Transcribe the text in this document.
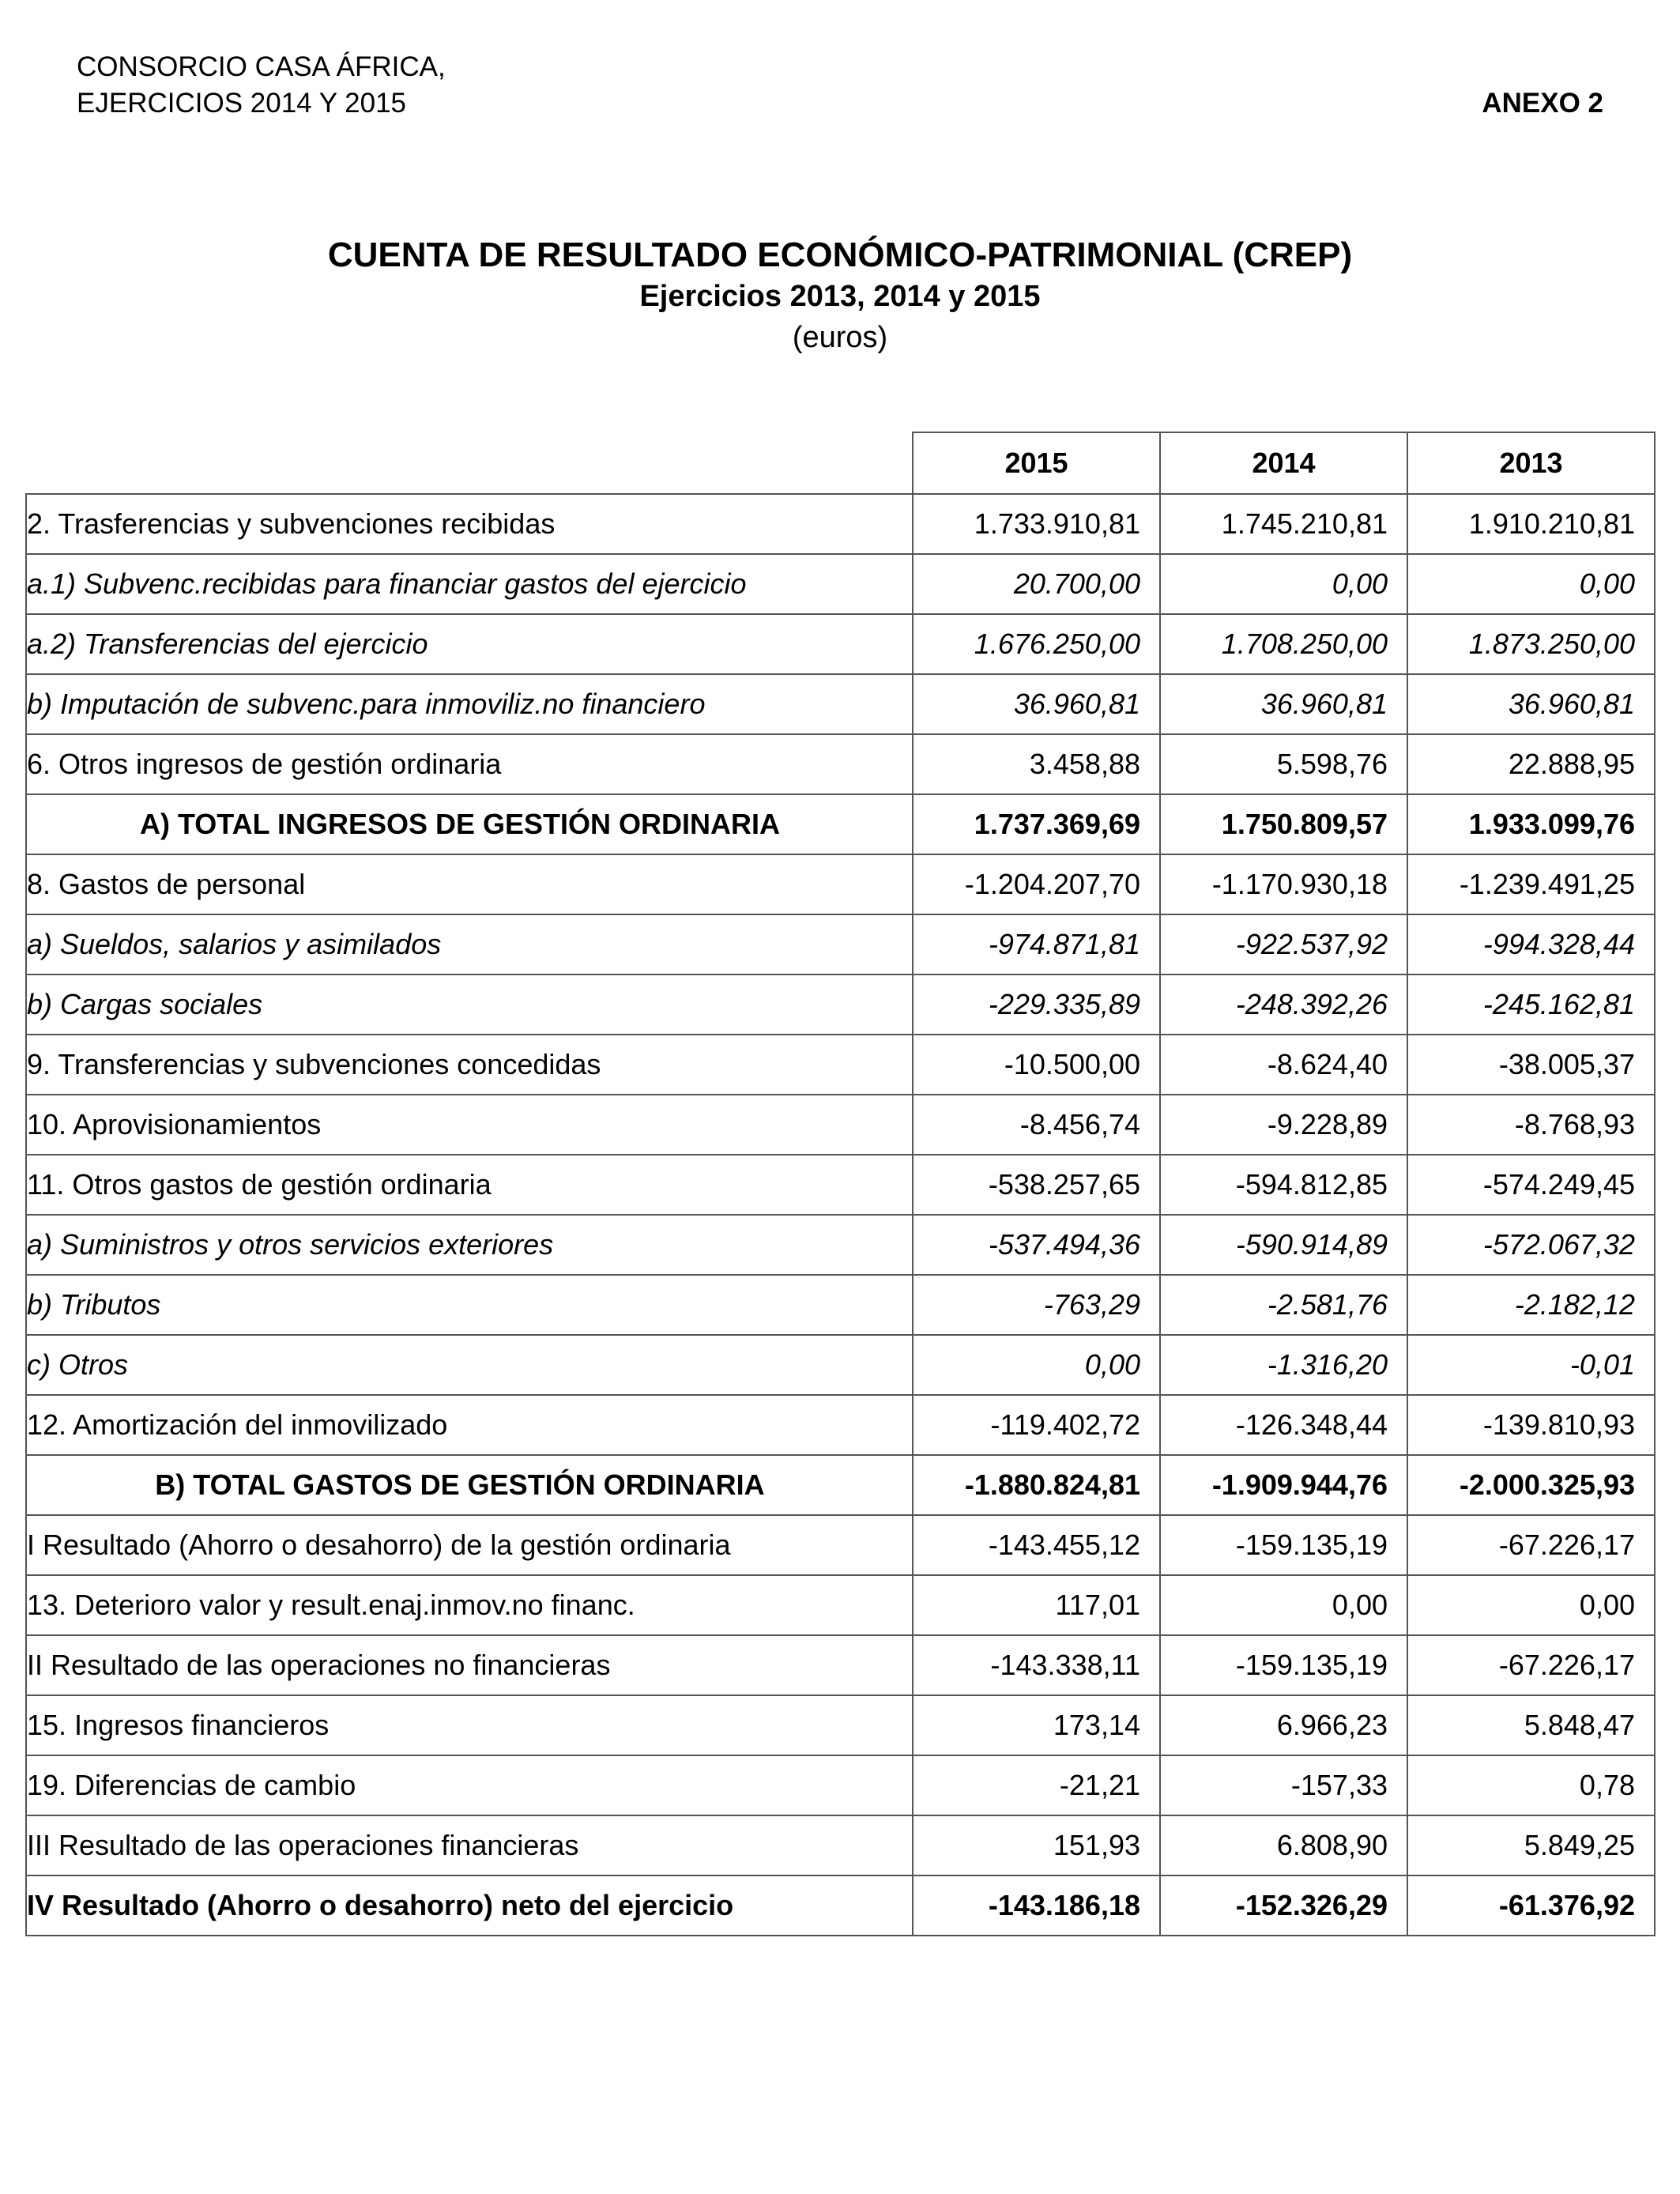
CONSORCIO CASA ÁFRICA,
EJERCICIOS 2014 Y 2015	ANEXO 2
CUENTA DE RESULTADO ECONÓMICO-PATRIMONIAL (CREP)
Ejercicios 2013, 2014 y 2015
(euros)
	2015	2014	2013
2. Trasferencias y subvenciones recibidas	1.733.910,81	1.745.210,81	1.910.210,81
a.1) Subvenc.recibidas para financiar gastos del ejercicio	20.700,00	0,00	0,00
a.2) Transferencias del ejercicio	1.676.250,00	1.708.250,00	1.873.250,00
b) Imputación de subvenc.para inmoviliz.no financiero	36.960,81	36.960,81	36.960,81
6. Otros ingresos de gestión ordinaria	3.458,88	5.598,76	22.888,95
A) TOTAL INGRESOS DE GESTIÓN ORDINARIA	1.737.369,69	1.750.809,57	1.933.099,76
8. Gastos de personal	-1.204.207,70	-1.170.930,18	-1.239.491,25
a) Sueldos, salarios y asimilados	-974.871,81	-922.537,92	-994.328,44
b) Cargas sociales	-229.335,89	-248.392,26	-245.162,81
9. Transferencias y subvenciones concedidas	-10.500,00	-8.624,40	-38.005,37
10. Aprovisionamientos	-8.456,74	-9.228,89	-8.768,93
11. Otros gastos de gestión ordinaria	-538.257,65	-594.812,85	-574.249,45
a) Suministros y otros servicios exteriores	-537.494,36	-590.914,89	-572.067,32
b) Tributos	-763,29	-2.581,76	-2.182,12
c) Otros	0,00	-1.316,20	-0,01
12. Amortización del inmovilizado	-119.402,72	-126.348,44	-139.810,93
B) TOTAL GASTOS DE GESTIÓN ORDINARIA	-1.880.824,81	-1.909.944,76	-2.000.325,93
I Resultado (Ahorro o desahorro) de la gestión ordinaria	-143.455,12	-159.135,19	-67.226,17
13. Deterioro valor y result.enaj.inmov.no financ.	117,01	0,00	0,00
II Resultado de las operaciones no financieras	-143.338,11	-159.135,19	-67.226,17
15. Ingresos financieros	173,14	6.966,23	5.848,47
19. Diferencias de cambio	-21,21	-157,33	0,78
III Resultado de las operaciones financieras	151,93	6.808,90	5.849,25
IV Resultado (Ahorro o desahorro) neto del ejercicio	-143.186,18	-152.326,29	-61.376,92
